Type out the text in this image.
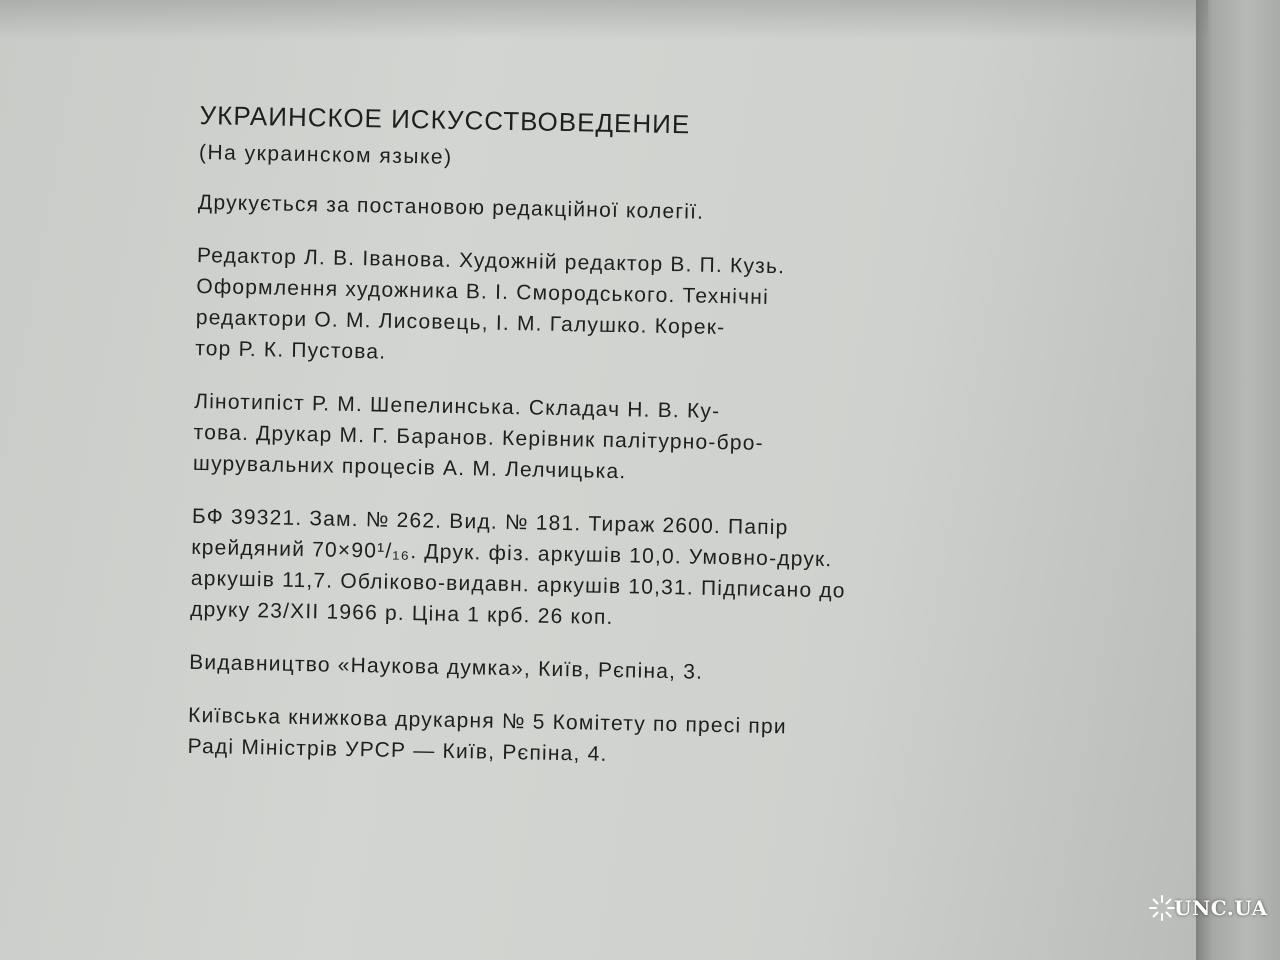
УКРАИНСКОЕ ИСКУССТВОВЕДЕНИЕ
(На украинском языке)
Друкується за постановою редакційної колегії.
Редактор Л. В. Іванова. Художній редактор В. П. Кузь.
Оформлення художника В. І. Смородського. Технічні
редактори О. М. Лисовець, І. М. Галушко. Корек-
тор Р. К. Пустова.
Лінотипіст Р. М. Шепелинська. Складач Н. В. Ку-
това. Друкар М. Г. Баранов. Керівник палітурно-бро-
шурувальних процесів А. М. Лелчицька.
БФ 39321. Зам. № 262. Вид. № 181. Тираж 2600. Папір
крейдяний 70×90¹/₁₆. Друк. фіз. аркушів 10,0. Умовно-друк.
аркушів 11,7. Обліково-видавн. аркушів 10,31. Підписано до
друку 23/XII 1966 р. Ціна 1 крб. 26 коп.
Видавництво «Наукова думка», Київ, Рєпіна, 3.
Київська книжкова друкарня № 5 Комітету по пресі при
Раді Міністрів УРСР — Київ, Рєпіна, 4.
UNC.UA
